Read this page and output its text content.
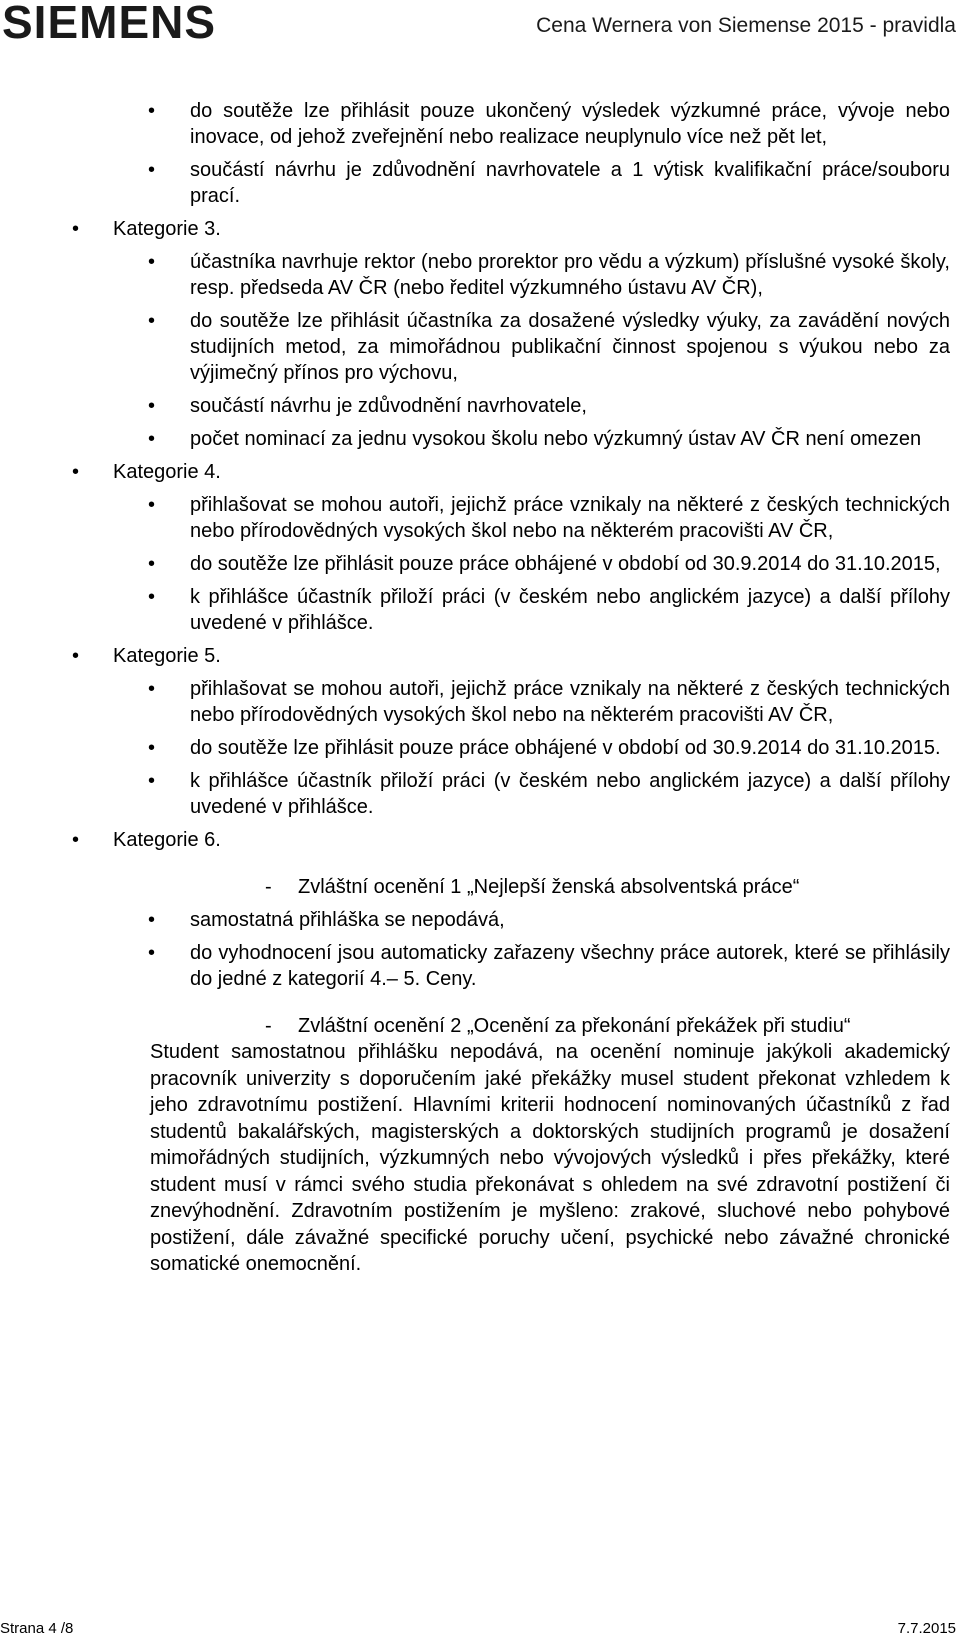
SIEMENS	Cena Wernera von Siemense 2015 - pravidla
• do soutěže lze přihlásit pouze ukončený výsledek výzkumné práce, vývoje nebo inovace, od jehož zveřejnění nebo realizace neuplynulo více než pět let,
• součástí návrhu je zdůvodnění navrhovatele a 1 výtisk kvalifikační práce/souboru prací.
• Kategorie 3.
• účastníka navrhuje rektor (nebo prorektor pro vědu a výzkum) příslušné vysoké školy, resp. předseda AV ČR (nebo ředitel výzkumného ústavu AV ČR),
• do soutěže lze přihlásit účastníka za dosažené výsledky výuky, za zavádění nových studijních metod, za mimořádnou publikační činnost spojenou s výukou nebo za výjimečný přínos pro výchovu,
• součástí návrhu je zdůvodnění navrhovatele,
• počet nominací za jednu vysokou školu nebo výzkumný ústav AV ČR není omezen
• Kategorie 4.
• přihlašovat se mohou autoři, jejichž práce vznikaly na některé z českých technických nebo přírodovědných vysokých škol nebo na některém pracovišti AV ČR,
• do soutěže lze přihlásit pouze práce obhájené v období od 30.9.2014 do 31.10.2015,
• k přihlášce účastník přiloží práci (v českém nebo anglickém jazyce) a další přílohy uvedené v přihlášce.
• Kategorie 5.
• přihlašovat se mohou autoři, jejichž práce vznikaly na některé z českých technických nebo přírodovědných vysokých škol nebo na některém pracovišti AV ČR,
• do soutěže lze přihlásit pouze práce obhájené v období od 30.9.2014 do 31.10.2015.
• k přihlášce účastník přiloží práci (v českém nebo anglickém jazyce) a další přílohy uvedené v přihlášce.
• Kategorie 6.
- Zvláštní ocenění 1 „Nejlepší ženská absolventská práce“
• samostatná přihláška se nepodává,
• do vyhodnocení jsou automaticky zařazeny všechny práce autorek, které se přihlásily do jedné z kategorií 4.– 5. Ceny.
- Zvláštní ocenění 2 „Ocenění za překonání překážek při studiu“
Student samostatnou přihlášku nepodává, na ocenění nominuje jakýkoli akademický pracovník univerzity s doporučením jaké překážky musel student překonat vzhledem k jeho zdravotnímu postižení. Hlavními kriterii hodnocení nominovaných účastníků z řad studentů bakalářských, magisterských a doktorských studijních programů je dosažení mimořádných studijních, výzkumných nebo vývojových výsledků i přes překážky, které student musí v rámci svého studia překonávat s ohledem na své zdravotní postižení či znevýhodnění. Zdravotním postižením je myšleno: zrakové, sluchové nebo pohybové postižení, dále závažné specifické poruchy učení, psychické nebo závažné chronické somatické onemocnění.
Strana 4 /8	7.7.2015
